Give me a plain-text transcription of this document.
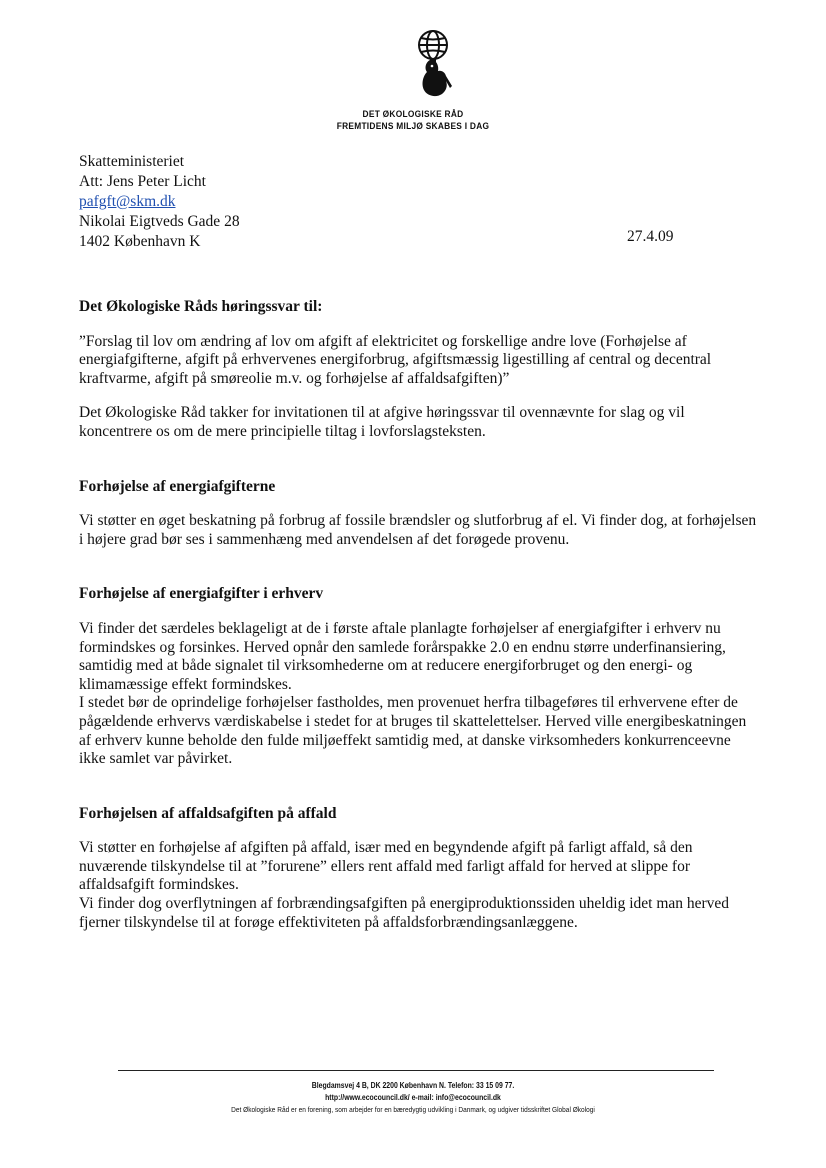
DET ØKOLOGISKE RÅD
FREMTIDENS MILJØ SKABES I DAG
Skatteministeriet
Att: Jens Peter Licht
pafgft@skm.dk
Nikolai Eigtveds Gade 28
1402 København K	27.4.09

Det Økologiske Råds høringssvar til:

”Forslag til lov om ændring af lov om afgift af elektricitet og forskellige andre love (Forhøjelse af energiafgifterne, afgift på erhvervenes energiforbrug, afgiftsmæssig ligestilling af central og decentral kraftvarme, afgift på smøreolie m.v. og forhøjelse af affaldsafgiften)”

Det Økologiske Råd takker for invitationen til at afgive høringssvar til ovennævnte for slag og vil koncentrere os om de mere principielle tiltag i lovforslagsteksten.

Forhøjelse af energiafgifterne

Vi støtter en øget beskatning på forbrug af fossile brændsler og slutforbrug af el. Vi finder dog, at forhøjelsen i højere grad bør ses i sammenhæng med anvendelsen af det forøgede provenu.

Forhøjelse af energiafgifter i erhverv

Vi finder det særdeles beklageligt at de i første aftale planlagte forhøjelser af energiafgifter i erhverv nu formindskes og forsinkes. Herved opnår den samlede forårspakke 2.0 en endnu større underfinansiering, samtidig med at både signalet til virksomhederne om at reducere energiforbruget og den energi- og klimamæssige effekt formindskes.

I stedet bør de oprindelige forhøjelser fastholdes, men provenuet herfra tilbageføres til erhvervene efter de pågældende erhvervs værdiskabelse i stedet for at bruges til skattelettelser. Herved ville energibeskatningen af erhverv kunne beholde den fulde miljøeffekt samtidig med, at danske virksomheders konkurrenceevne ikke samlet var påvirket.

Forhøjelsen af affaldsafgiften på affald

Vi støtter en forhøjelse af afgiften på affald, især med en begyndende afgift på farligt affald, så den nuværende tilskyndelse til at ”forurene” ellers rent affald med farligt affald for herved at slippe for affaldsafgift formindskes.

Vi finder dog overflytningen af forbrændingsafgiften på energiproduktionssiden uheldig idet man herved fjerner tilskyndelse til at forøge effektiviteten på affaldsforbrændingsanlæggene.

Blegdamsvej 4 B, DK 2200 København N. Telefon: 33 15 09 77.
http://www.ecocouncil.dk/ e-mail: info@ecocouncil.dk
Det Økologiske Råd er en forening, som arbejder for en bæredygtig udvikling i Danmark, og udgiver tidsskriftet Global Økologi
